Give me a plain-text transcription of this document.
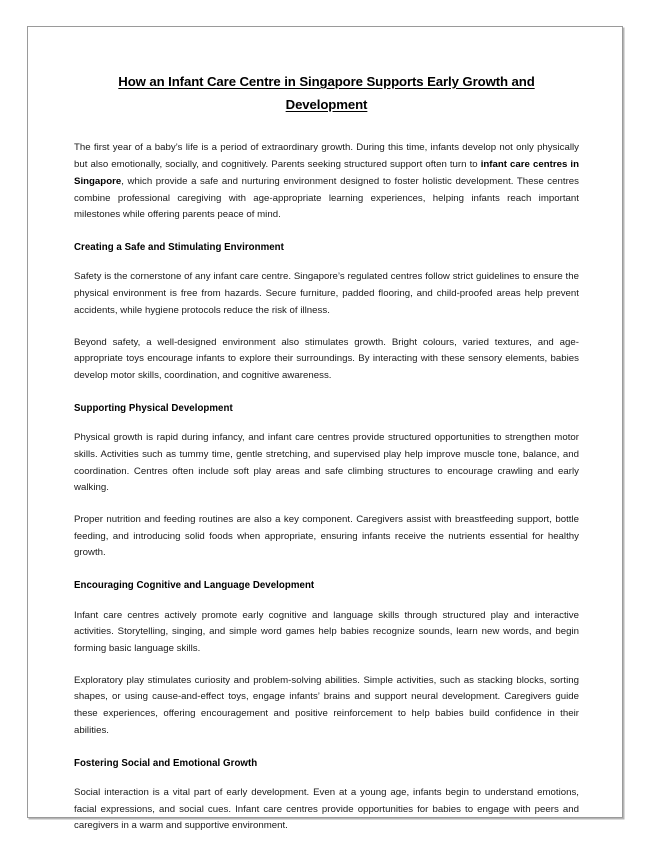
How an Infant Care Centre in Singapore Supports Early Growth and
Development

The first year of a baby’s life is a period of extraordinary growth. During this time, infants develop not only physically but also emotionally, socially, and cognitively. Parents seeking structured support often turn to infant care centres in Singapore, which provide a safe and nurturing environment designed to foster holistic development. These centres combine professional caregiving with age-appropriate learning experiences, helping infants reach important milestones while offering parents peace of mind.

Creating a Safe and Stimulating Environment

Safety is the cornerstone of any infant care centre. Singapore’s regulated centres follow strict guidelines to ensure the physical environment is free from hazards. Secure furniture, padded flooring, and child-proofed areas help prevent accidents, while hygiene protocols reduce the risk of illness.

Beyond safety, a well-designed environment also stimulates growth. Bright colours, varied textures, and age-appropriate toys encourage infants to explore their surroundings. By interacting with these sensory elements, babies develop motor skills, coordination, and cognitive awareness.

Supporting Physical Development

Physical growth is rapid during infancy, and infant care centres provide structured opportunities to strengthen motor skills. Activities such as tummy time, gentle stretching, and supervised play help improve muscle tone, balance, and coordination. Centres often include soft play areas and safe climbing structures to encourage crawling and early walking.

Proper nutrition and feeding routines are also a key component. Caregivers assist with breastfeeding support, bottle feeding, and introducing solid foods when appropriate, ensuring infants receive the nutrients essential for healthy growth.

Encouraging Cognitive and Language Development

Infant care centres actively promote early cognitive and language skills through structured play and interactive activities. Storytelling, singing, and simple word games help babies recognize sounds, learn new words, and begin forming basic language skills.

Exploratory play stimulates curiosity and problem-solving abilities. Simple activities, such as stacking blocks, sorting shapes, or using cause-and-effect toys, engage infants’ brains and support neural development. Caregivers guide these experiences, offering encouragement and positive reinforcement to help babies build confidence in their abilities.

Fostering Social and Emotional Growth

Social interaction is a vital part of early development. Even at a young age, infants begin to understand emotions, facial expressions, and social cues. Infant care centres provide opportunities for babies to engage with peers and caregivers in a warm and supportive environment.
